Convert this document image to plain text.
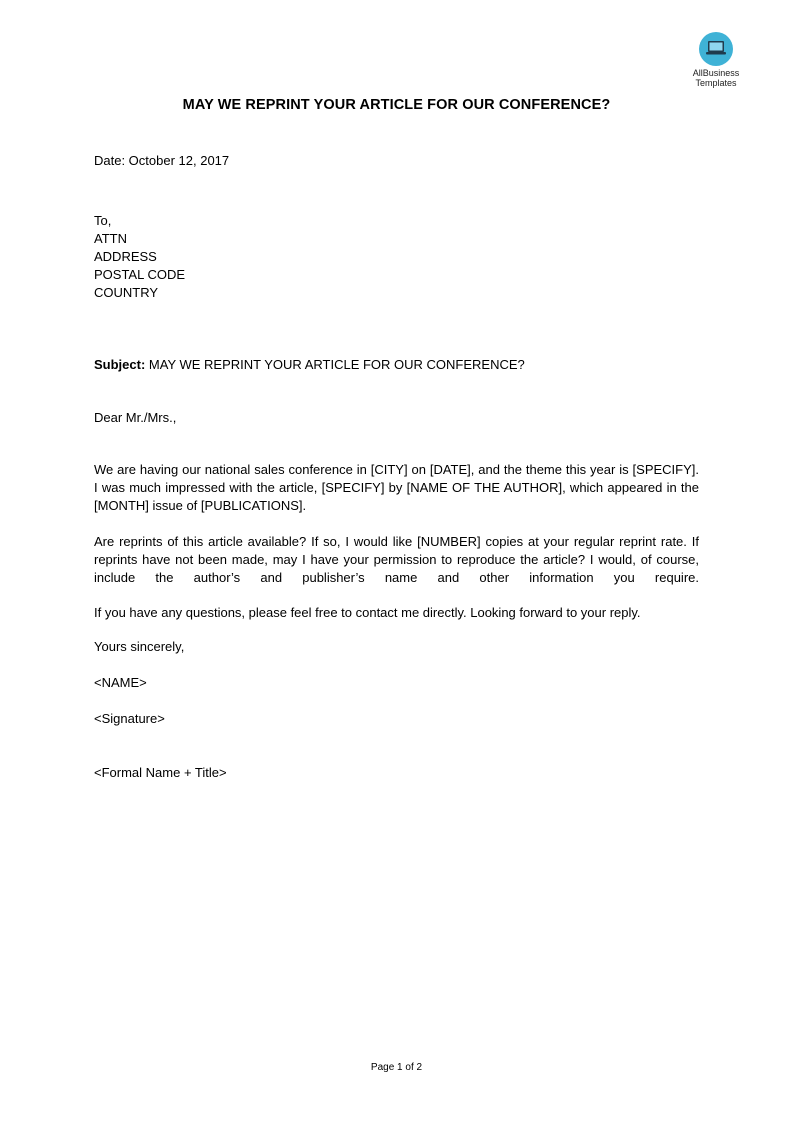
AllBusiness
Templates
MAY WE REPRINT YOUR ARTICLE FOR OUR CONFERENCE?
Date: October 12, 2017
To,
ATTN
ADDRESS
POSTAL CODE
COUNTRY
Subject: MAY WE REPRINT YOUR ARTICLE FOR OUR CONFERENCE?
Dear Mr./Mrs.,
We are having our national sales conference in [CITY] on [DATE], and the theme this year is [SPECIFY]. I was much impressed with the article, [SPECIFY] by [NAME OF THE AUTHOR], which appeared in the [MONTH] issue of [PUBLICATIONS].
Are reprints of this article available? If so, I would like [NUMBER] copies at your regular reprint rate. If reprints have not been made, may I have your permission to reproduce the article? I would, of course, include the author’s and publisher’s name and other information you require.
If you have any questions, please feel free to contact me directly. Looking forward to your reply.
Yours sincerely,
<NAME>
<Signature>
<Formal Name + Title>
Page 1 of 2
